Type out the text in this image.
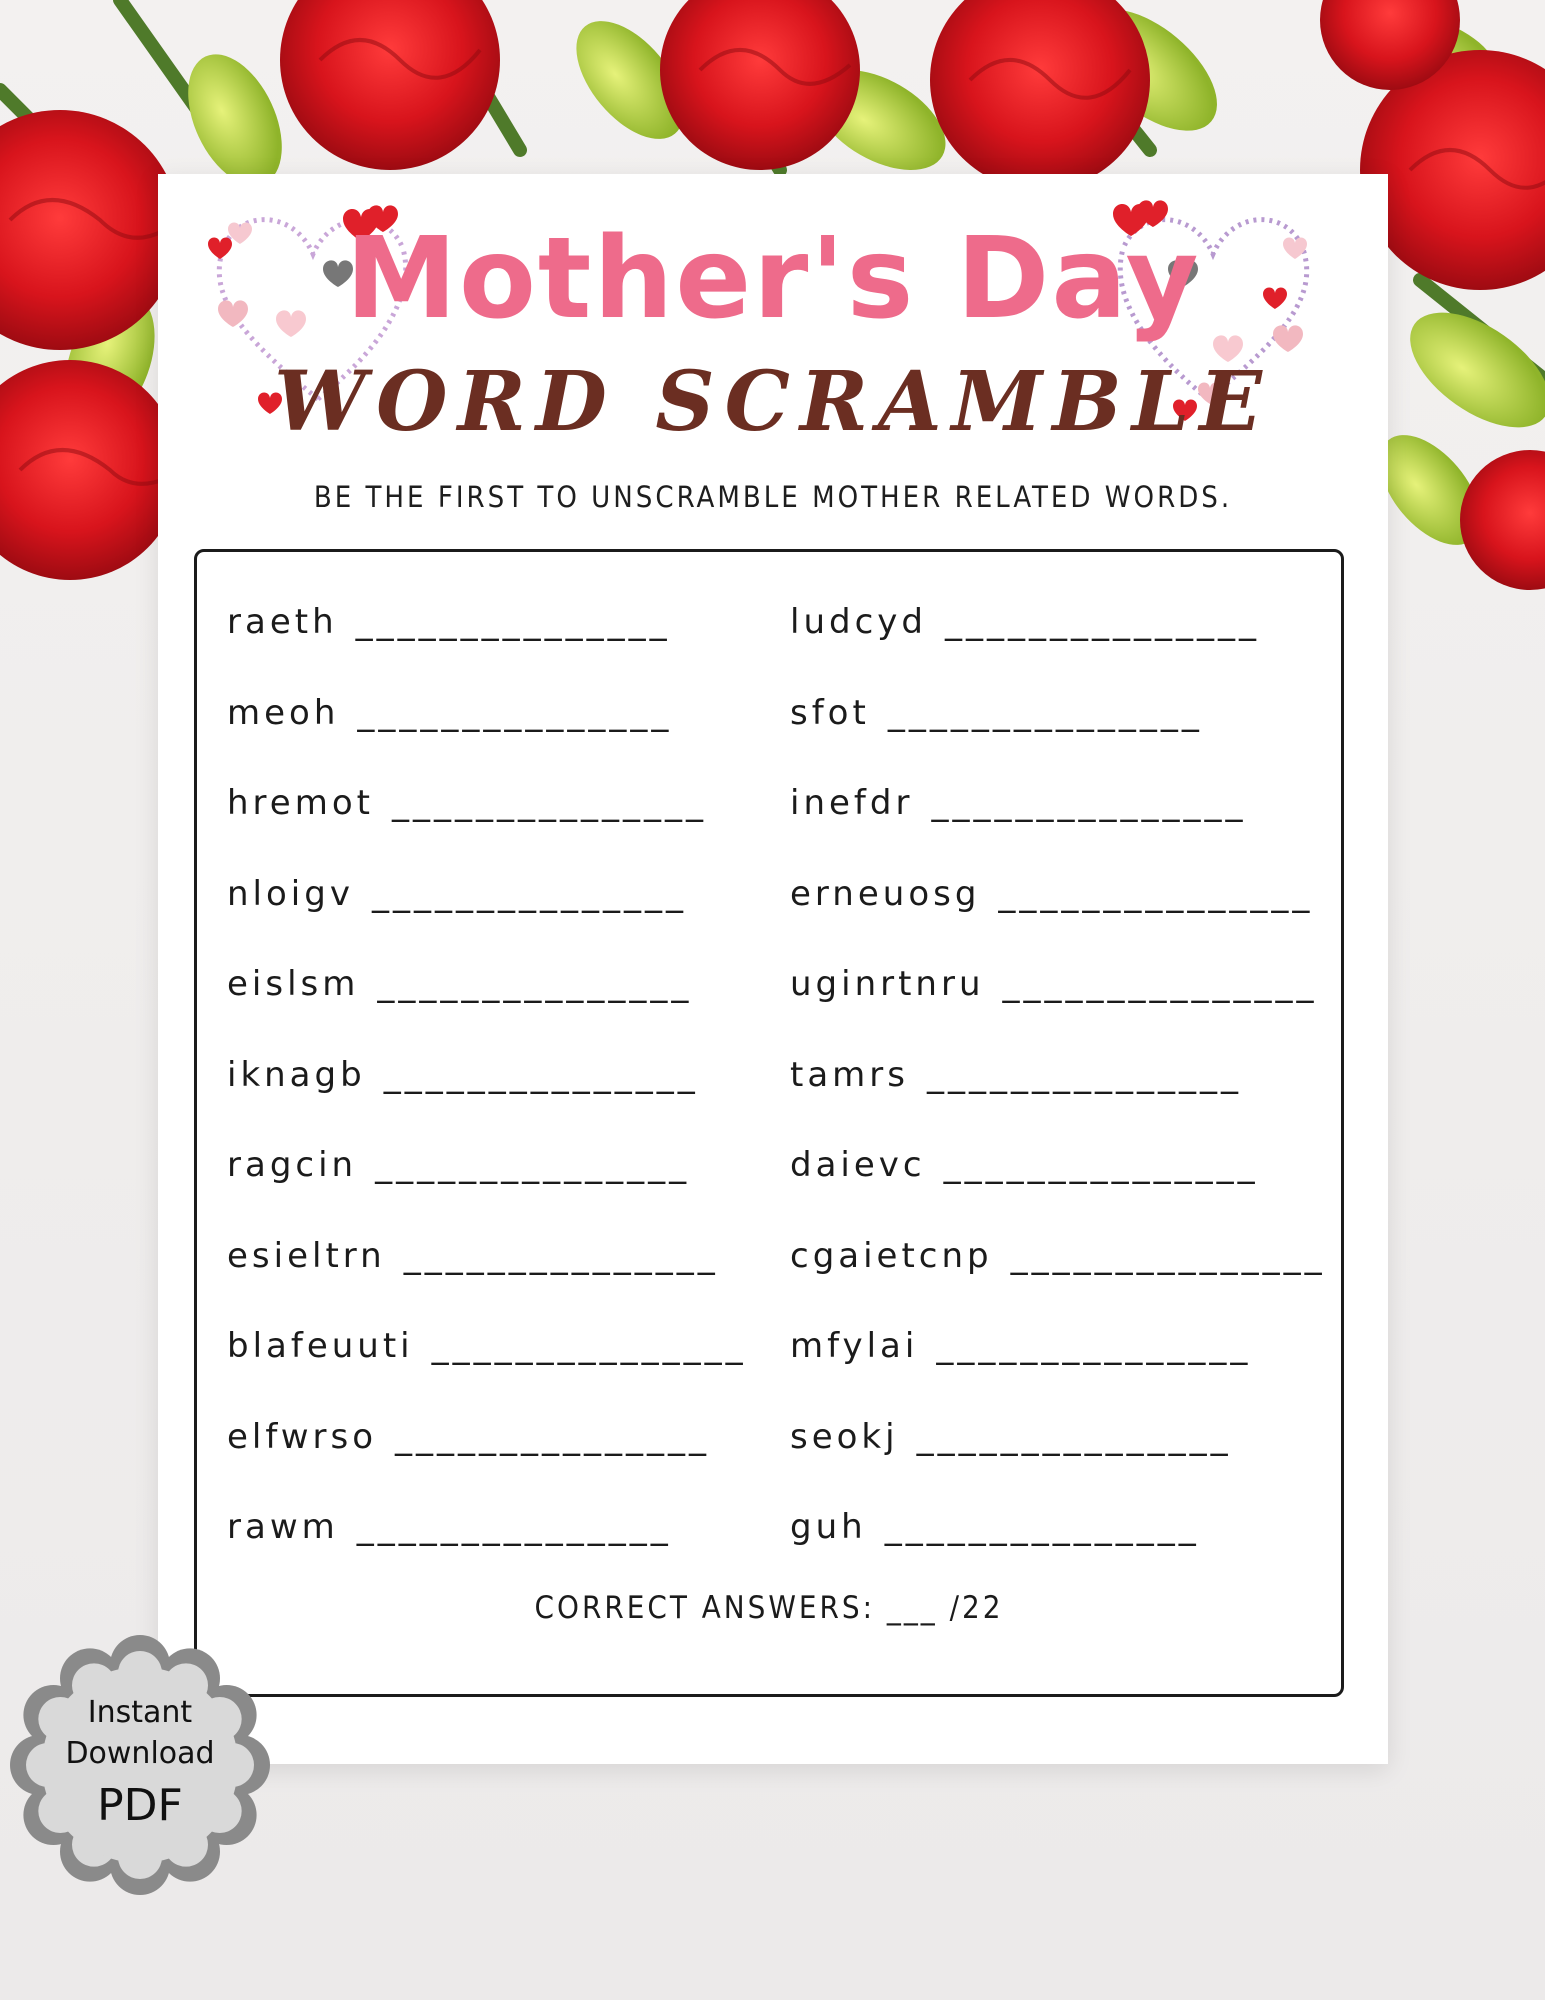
Mother's Day
WORD SCRAMBLE
BE THE FIRST TO UNSCRAMBLE MOTHER RELATED WORDS.
raeth _______________
meoh _______________
hremot _______________
nloigv _______________
eislsm _______________
iknagb _______________
ragcin _______________
esieltrn _______________
blafeuuti _______________
elfwrso _______________
rawm _______________
ludcyd _______________
sfot _______________
inefdr _______________
erneuosg _______________
uginrtnru _______________
tamrs _______________
daievc _______________
cgaietcnp _______________
mfylai _______________
seokj _______________
guh _______________
CORRECT ANSWERS: ___ /22
Instant
Download
PDF
